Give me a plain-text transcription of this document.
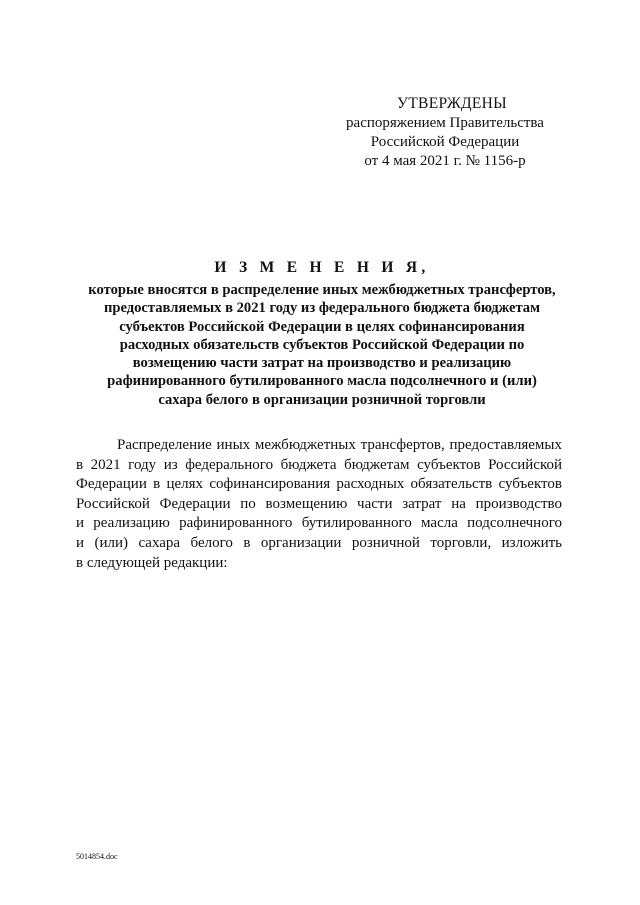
УТВЕРЖДЕНЫ
распоряжением Правительства
Российской Федерации
от 4 мая 2021 г. № 1156-р
И З М Е Н Е Н И Я,
которые вносятся в распределение иных межбюджетных трансфертов,
предоставляемых в 2021 году из федерального бюджета бюджетам
субъектов Российской Федерации в целях софинансирования
расходных обязательств субъектов Российской Федерации по
возмещению части затрат на производство и реализацию
рафинированного бутилированного масла подсолнечного и (или)
сахара белого в организации розничной торговли
Распределение иных межбюджетных трансфертов, предоставляемых
в 2021 году из федерального бюджета бюджетам субъектов Российской
Федерации в целях софинансирования расходных обязательств субъектов
Российской Федерации по возмещению части затрат на производство
и реализацию рафинированного бутилированного масла подсолнечного
и (или) сахара белого в организации розничной торговли, изложить
в следующей редакции:
5014854.doc
